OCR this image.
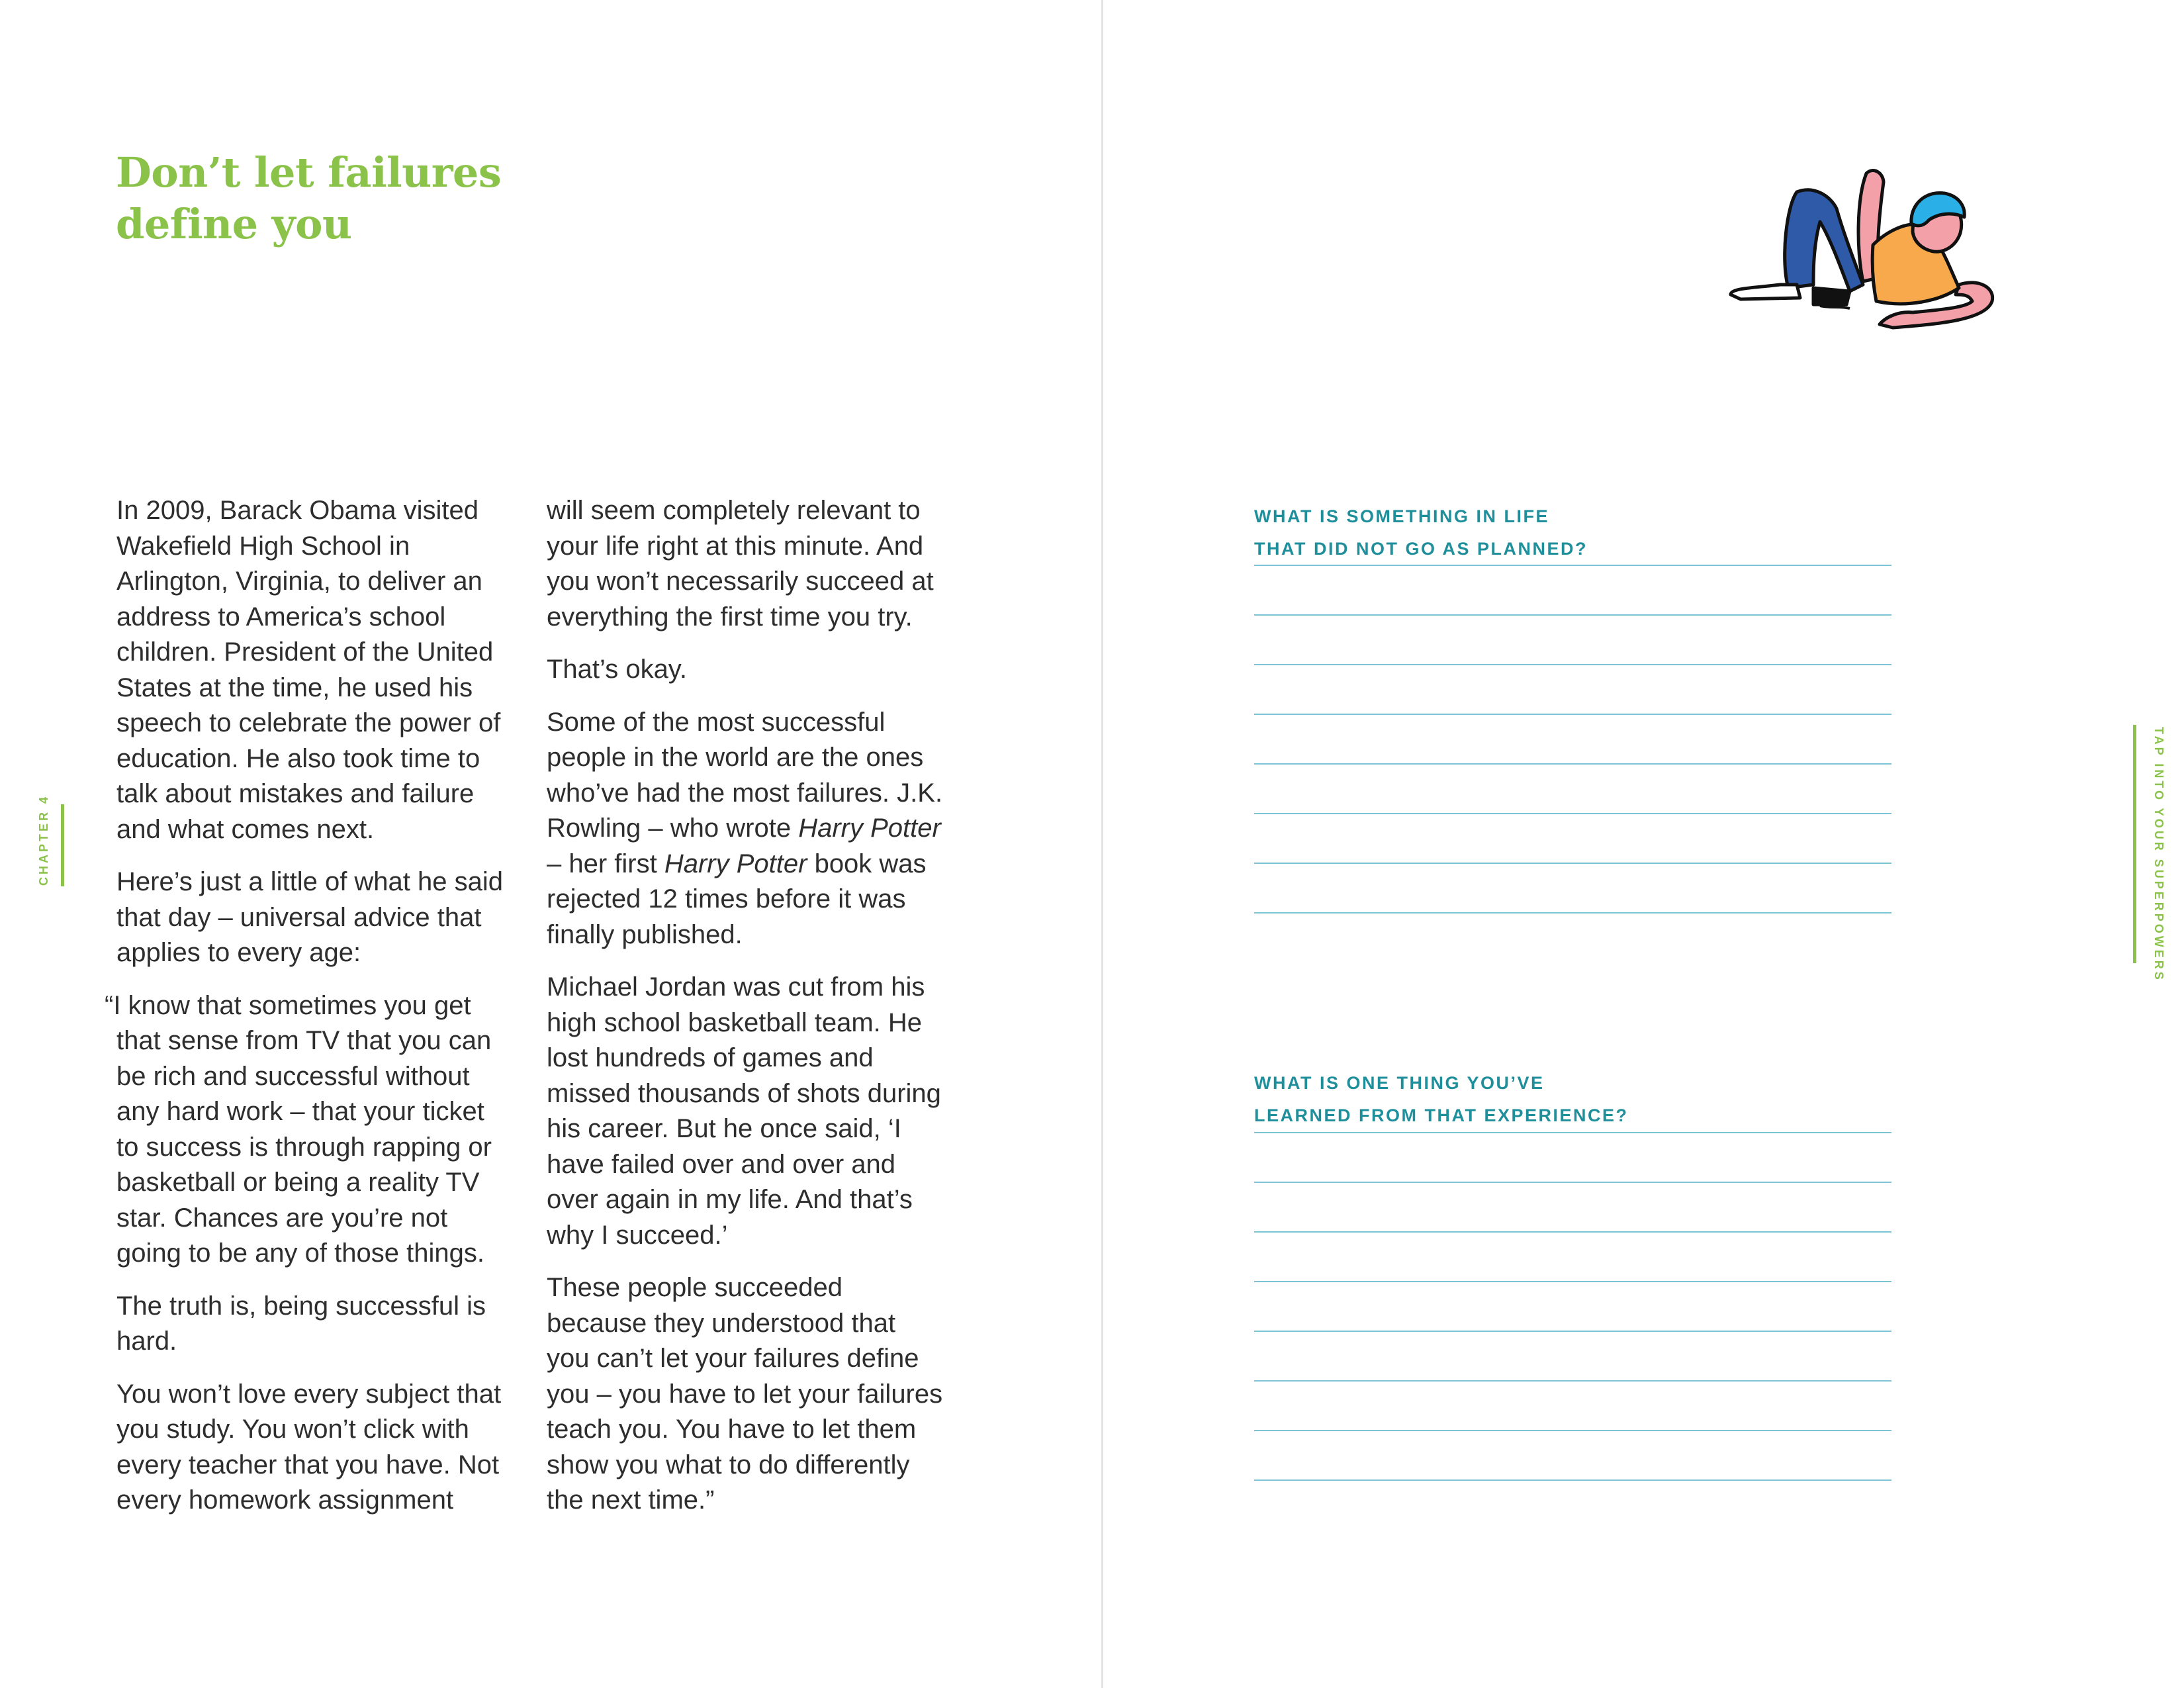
Don’t let failures
define you
CHAPTER 4

In 2009, Barack Obama visited Wakefield High School in Arlington, Virginia, to deliver an address to America’s school children. President of the United States at the time, he used his speech to celebrate the power of education. He also took time to talk about mistakes and failure and what comes next.

Here’s just a little of what he said that day – universal advice that applies to every age:

“I know that sometimes you get that sense from TV that you can be rich and successful without any hard work – that your ticket to success is through rapping or basketball or being a reality TV star. Chances are you’re not going to be any of those things.

The truth is, being successful is hard.

You won’t love every subject that you study. You won’t click with every teacher that you have. Not every homework assignment

will seem completely relevant to your life right at this minute. And you won’t necessarily succeed at everything the first time you try.

That’s okay.

Some of the most successful people in the world are the ones who’ve had the most failures. J.K. Rowling – who wrote Harry Potter – her first Harry Potter book was rejected 12 times before it was finally published.

Michael Jordan was cut from his high school basketball team. He lost hundreds of games and missed thousands of shots during his career. But he once said, ‘I have failed over and over and over again in my life. And that’s why I succeed.’

These people succeeded because they understood that you can’t let your failures define you – you have to let your failures teach you. You have to let them show you what to do differently the next time.”

TAP INTO YOUR SUPERPOWERS
WHAT IS SOMETHING IN LIFE
THAT DID NOT GO AS PLANNED?
WHAT IS ONE THING YOU’VE
LEARNED FROM THAT EXPERIENCE?
